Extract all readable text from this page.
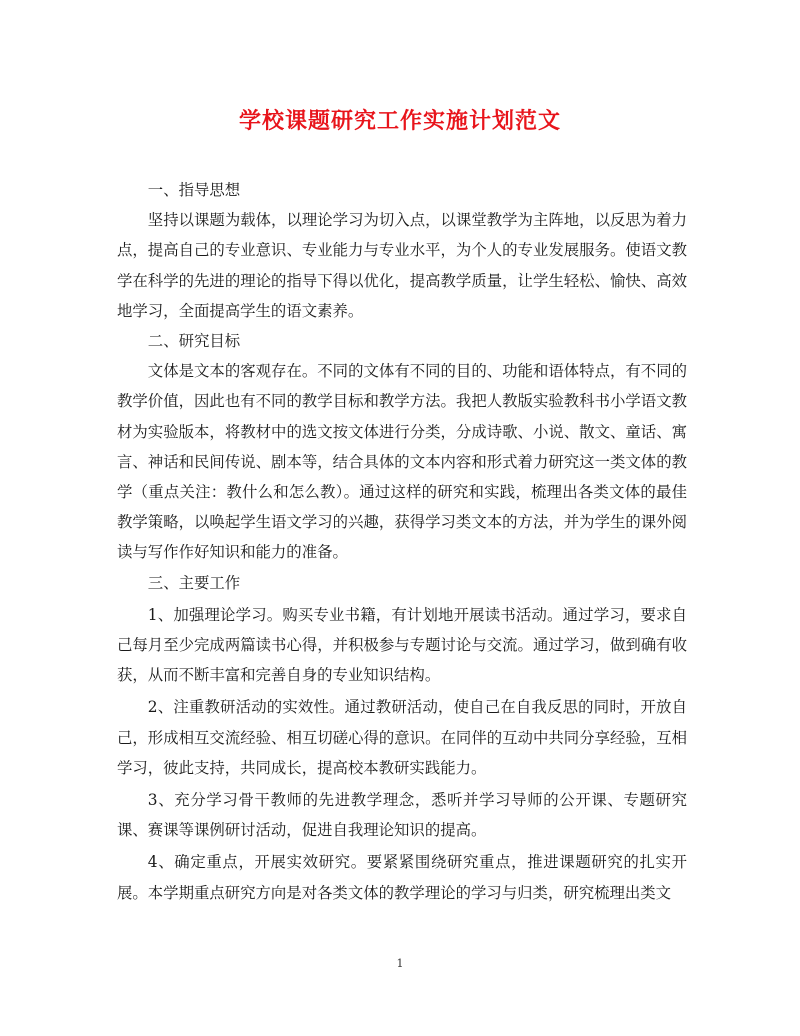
学校课题研究工作实施计划范文

一、指导思想

坚持以课题为载体，以理论学习为切入点，以课堂教学为主阵地，以反思为着力点，提高自己的专业意识、专业能力与专业水平，为个人的专业发展服务。使语文教学在科学的先进的理论的指导下得以优化，提高教学质量，让学生轻松、愉快、高效地学习，全面提高学生的语文素养。

二、研究目标

文体是文本的客观存在。不同的文体有不同的目的、功能和语体特点，有不同的教学价值，因此也有不同的教学目标和教学方法。我把人教版实验教科书小学语文教材为实验版本，将教材中的选文按文体进行分类，分成诗歌、小说、散文、童话、寓言、神话和民间传说、剧本等，结合具体的文本内容和形式着力研究这一类文体的教学（重点关注：教什么和怎么教）。通过这样的研究和实践，梳理出各类文体的最佳教学策略，以唤起学生语文学习的兴趣，获得学习类文本的方法，并为学生的课外阅读与写作作好知识和能力的准备。

三、主要工作

1、加强理论学习。购买专业书籍，有计划地开展读书活动。通过学习，要求自己每月至少完成两篇读书心得，并积极参与专题讨论与交流。通过学习，做到确有收获，从而不断丰富和完善自身的专业知识结构。

2、注重教研活动的实效性。通过教研活动，使自己在自我反思的同时，开放自己，形成相互交流经验、相互切磋心得的意识。在同伴的互动中共同分享经验，互相学习，彼此支持，共同成长，提高校本教研实践能力。

3、充分学习骨干教师的先进教学理念，悉听并学习导师的公开课、专题研究课、赛课等课例研讨活动，促进自我理论知识的提高。

4、确定重点，开展实效研究。要紧紧围绕研究重点，推进课题研究的扎实开展。本学期重点研究方向是对各类文体的教学理论的学习与归类，研究梳理出类文

1
